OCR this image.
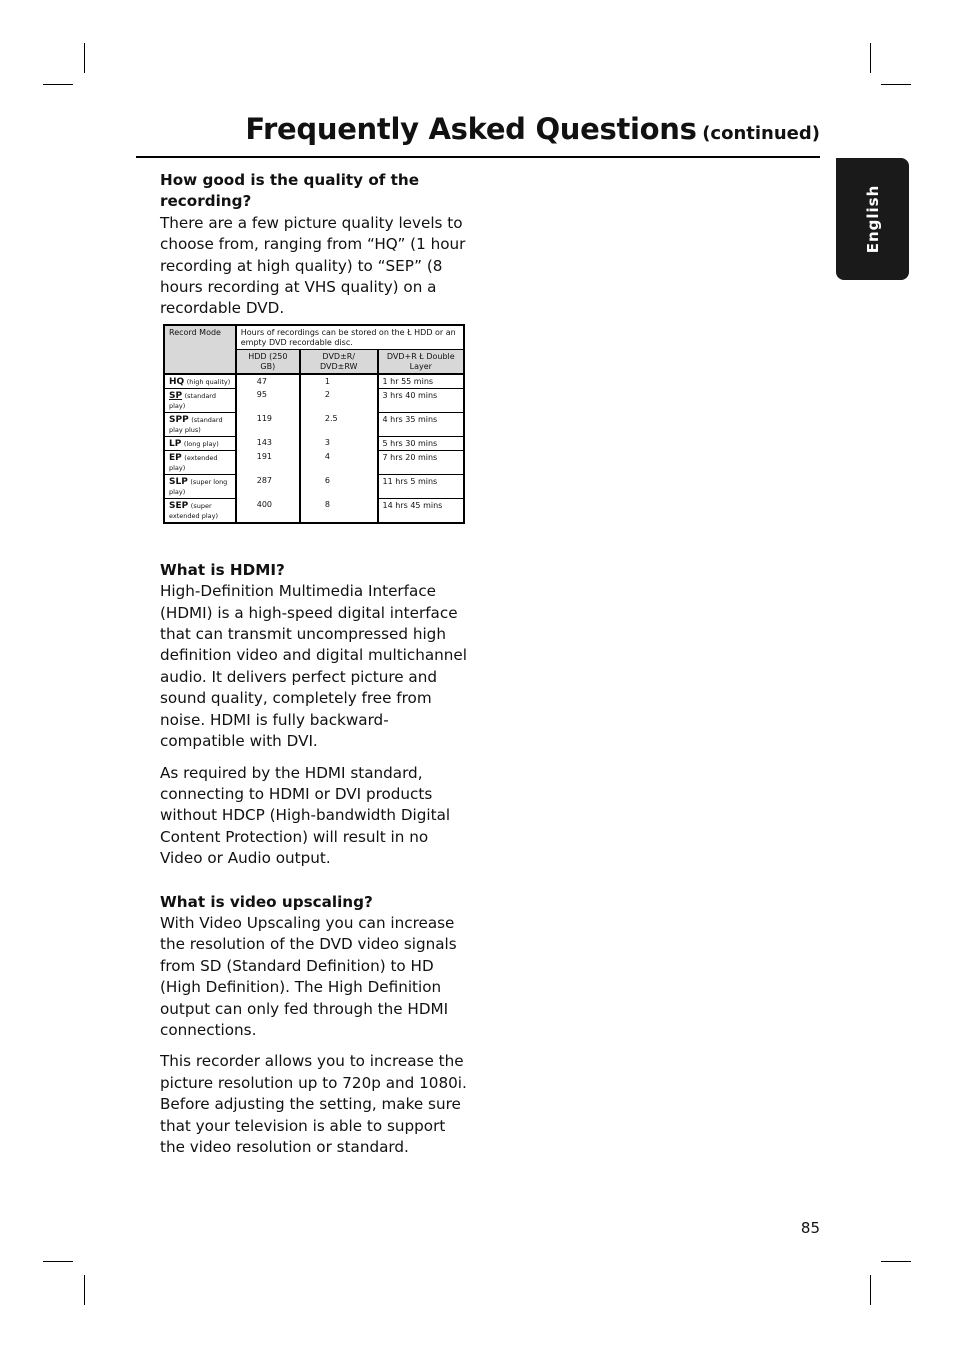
Frequently Asked Questions (continued)
English
How good is the quality of the recording?

There are a few picture quality levels to choose from, ranging from “HQ” (1 hour recording at high quality) to “SEP” (8 hours recording at VHS quality) on a recordable DVD.

Record Mode	Hours of recordings can be stored on the Ł HDD or an empty DVD recordable disc.		
	HDD (250 GB)	DVD±R/ DVD±RW	DVD+R Ł Double Layer
HQ (high quality)	47	1	1 hr 55 mins
SP (standard play)	95	2	3 hrs 40 mins
SPP (standard play plus)	119	2.5	4 hrs 35 mins
LP (long play)	143	3	5 hrs 30 mins
EP (extended play)	191	4	7 hrs 20 mins
SLP (super long play)	287	6	11 hrs 5 mins
SEP (super extended play)	400	8	14 hrs 45 mins
What is HDMI?

High-Definition Multimedia Interface (HDMI) is a high-speed digital interface that can transmit uncompressed high definition video and digital multichannel audio. It delivers perfect picture and sound quality, completely free from noise. HDMI is fully backward-compatible with DVI.

As required by the HDMI standard, connecting to HDMI or DVI products without HDCP (High-bandwidth Digital Content Protection) will result in no Video or Audio output.

What is video upscaling?

With Video Upscaling you can increase the resolution of the DVD video signals from SD (Standard Definition) to HD (High Definition). The High Definition output can only fed through the HDMI connections.

This recorder allows you to increase the picture resolution up to 720p and 1080i. Before adjusting the setting, make sure that your television is able to support the video resolution or standard.

85
